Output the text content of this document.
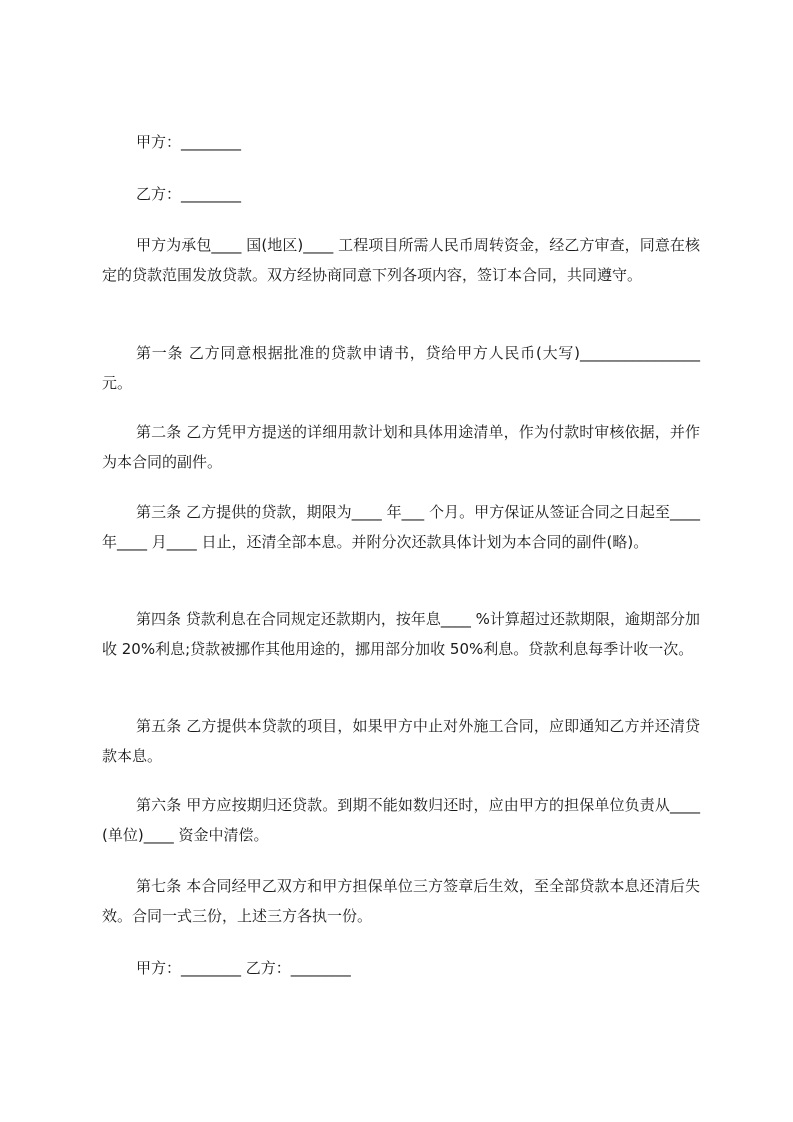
甲方：________

乙方：________

甲方为承包____ 国(地区)____ 工程项目所需人民币周转资金，经乙方审查，同意在核定的贷款范围发放贷款。双方经协商同意下列各项内容，签订本合同，共同遵守。

第一条 乙方同意根据批准的贷款申请书，贷给甲方人民币(大写)________________ 元。

第二条 乙方凭甲方提送的详细用款计划和具体用途清单，作为付款时审核依据，并作为本合同的副件。

第三条 乙方提供的贷款，期限为____ 年___ 个月。甲方保证从签证合同之日起至____ 年____ 月____ 日止，还清全部本息。并附分次还款具体计划为本合同的副件(略)。

第四条 贷款利息在合同规定还款期内，按年息____ %计算超过还款期限，逾期部分加收 20%利息;贷款被挪作其他用途的，挪用部分加收 50%利息。贷款利息每季计收一次。

第五条 乙方提供本贷款的项目，如果甲方中止对外施工合同，应即通知乙方并还清贷款本息。

第六条 甲方应按期归还贷款。到期不能如数归还时，应由甲方的担保单位负责从____ (单位)____ 资金中清偿。

第七条 本合同经甲乙双方和甲方担保单位三方签章后生效，至全部贷款本息还清后失效。合同一式三份，上述三方各执一份。

甲方：________ 乙方：________
